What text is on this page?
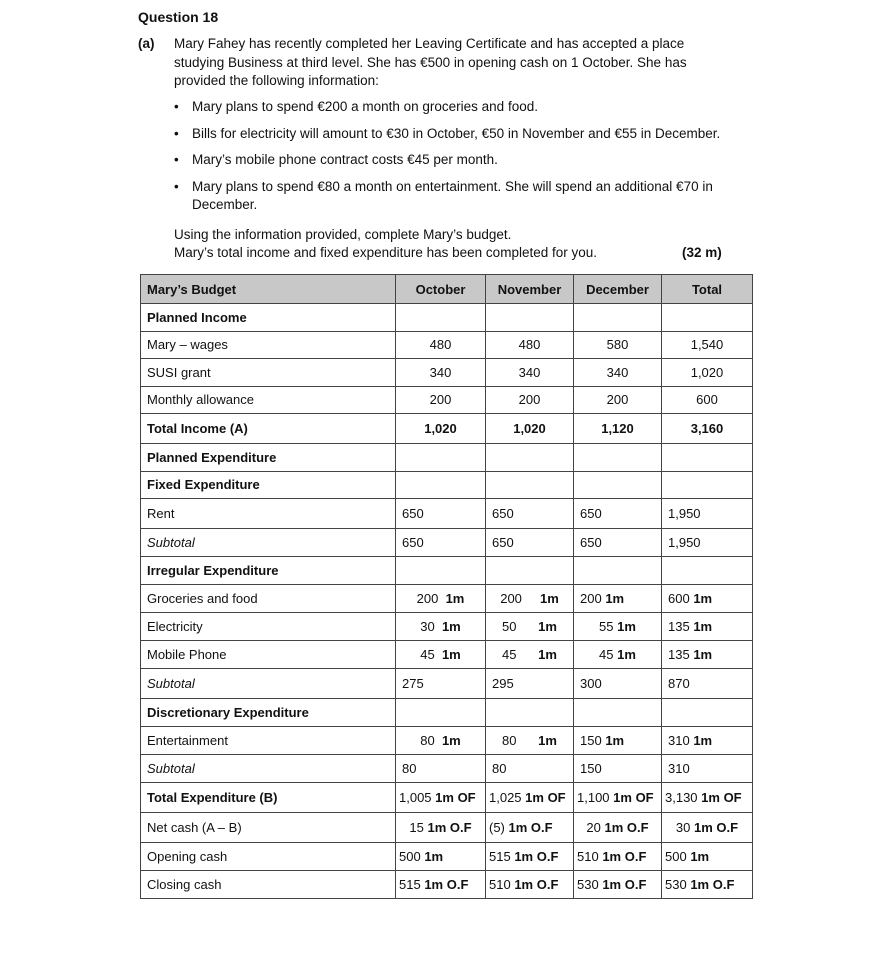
Question 18
(a) Mary Fahey has recently completed her Leaving Certificate and has accepted a place studying Business at third level. She has €500 in opening cash on 1 October. She has provided the following information:

• Mary plans to spend €200 a month on groceries and food.
• Bills for electricity will amount to €30 in October, €50 in November and €55 in December.
• Mary’s mobile phone contract costs €45 per month.
• Mary plans to spend €80 a month on entertainment. She will spend an additional €70 in December.
Using the information provided, complete Mary’s budget.
Mary’s total income and fixed expenditure has been completed for you.	(32 m)
Mary’s Budget	October	November	December	Total
Planned Income				
Mary – wages	480	480	580	1,540
SUSI grant	340	340	340	1,020
Monthly allowance	200	200	200	600
Total Income (A)	1,020	1,020	1,120	3,160
Planned Expenditure				
Fixed Expenditure				
Rent	650	650	650	1,950
Subtotal	650	650	650	1,950
Irregular Expenditure				
Groceries and food	200 1m	200 1m	200 1m	600 1m
Electricity	30 1m	50 1m	55 1m	135 1m
Mobile Phone	45 1m	45 1m	45 1m	135 1m
Subtotal	275	295	300	870
Discretionary Expenditure				
Entertainment	80 1m	80 1m	150 1m	310 1m
Subtotal	80	80	150	310
Total Expenditure (B)	1,005 1m OF	1,025 1m OF	1,100 1m OF	3,130 1m OF
Net cash (A – B)	15 1m O.F	(5) 1m O.F	20 1m O.F	30 1m O.F
Opening cash	500 1m	515 1m O.F	510 1m O.F	500 1m
Closing cash	515 1m O.F	510 1m O.F	530 1m O.F	530 1m O.F
